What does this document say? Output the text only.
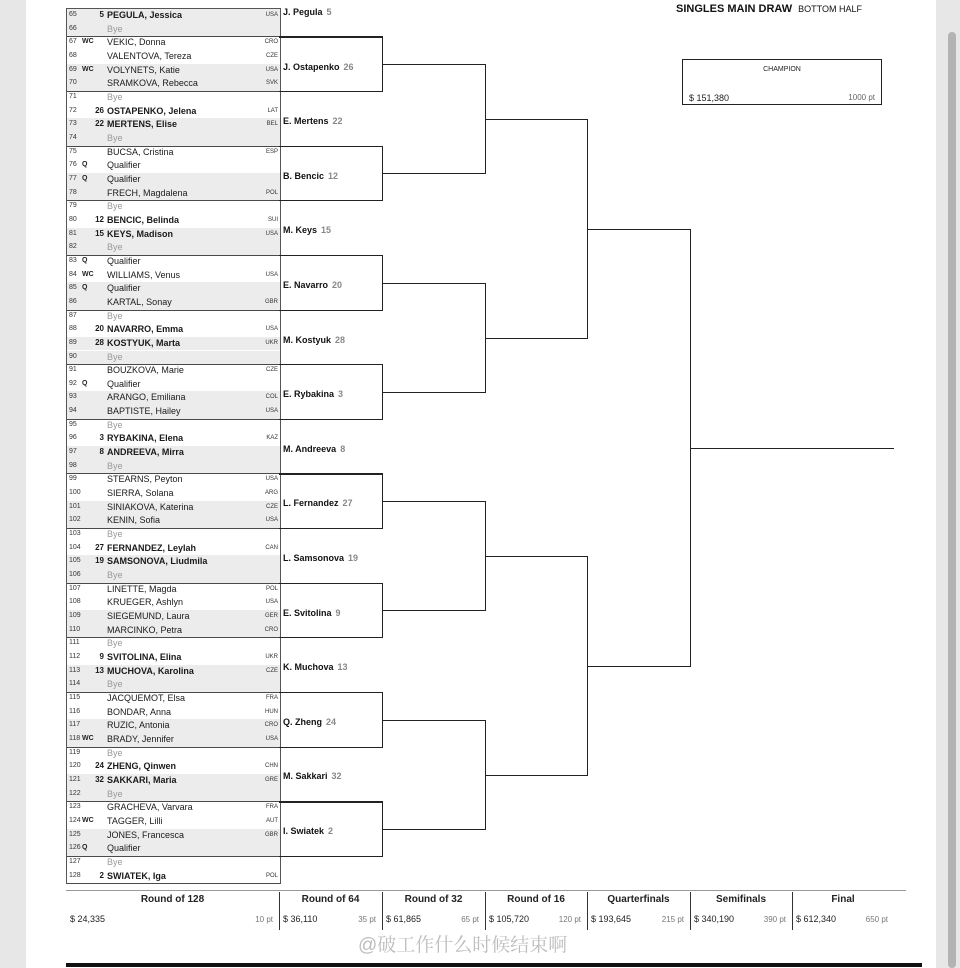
SINGLES MAIN DRAW BOTTOM HALF
CHAMPION
$ 151,380	1000 pt
65	5 PEGULA, Jessica	USA
66	Bye
67 WC VEKIC, Donna	CRO
68	VALENTOVA, Tereza	CZE
69 WC VOLYNETS, Katie	USA
70	SRAMKOVA, Rebecca	SVK
71	Bye
72	26 OSTAPENKO, Jelena	LAT
73	22 MERTENS, Elise	BEL
74	Bye
75	BUCSA, Cristina	ESP
76 Q Qualifier
77 Q Qualifier
78	FRECH, Magdalena	POL
79	Bye
80	12 BENCIC, Belinda	SUI
81	15 KEYS, Madison	USA
82	Bye
83 Q Qualifier
84 WC WILLIAMS, Venus	USA
85 Q Qualifier
86	KARTAL, Sonay	GBR
87	Bye
88	20 NAVARRO, Emma	USA
89	28 KOSTYUK, Marta	UKR
90	Bye
91	BOUZKOVA, Marie	CZE
92 Q Qualifier
93	ARANGO, Emiliana	COL
94	BAPTISTE, Hailey	USA
95	Bye
96	3 RYBAKINA, Elena	KAZ
97	8 ANDREEVA, Mirra
98	Bye
99	STEARNS, Peyton	USA
100	SIERRA, Solana	ARG
101	SINIAKOVA, Katerina	CZE
102	KENIN, Sofia	USA
103	Bye
104	27 FERNANDEZ, Leylah	CAN
105	19 SAMSONOVA, Liudmila
106	Bye
107	LINETTE, Magda	POL
108	KRUEGER, Ashlyn	USA
109	SIEGEMUND, Laura	GER
110	MARCINKO, Petra	CRO
111	Bye
112	9 SVITOLINA, Elina	UKR
113	13 MUCHOVA, Karolina	CZE
114	Bye
115	JACQUEMOT, Elsa	FRA
116	BONDAR, Anna	HUN
117	RUZIC, Antonia	CRO
118 WC BRADY, Jennifer	USA
119	Bye
120	24 ZHENG, Qinwen	CHN
121	32 SAKKARI, Maria	GRE
122	Bye
123	GRACHEVA, Varvara	FRA
124 WC TAGGER, Lilli	AUT
125	JONES, Francesca	GBR
126 Q Qualifier
127	Bye
128	2 SWIATEK, Iga	POL
J. Pegula 5
J. Ostapenko 26
E. Mertens 22
B. Bencic 12
M. Keys 15
E. Navarro 20
M. Kostyuk 28
E. Rybakina 3
M. Andreeva 8
L. Fernandez 27
L. Samsonova 19
E. Svitolina 9
K. Muchova 13
Q. Zheng 24
M. Sakkari 32
I. Swiatek 2
Round of 128
$ 24,335	10 pt
Round of 64
$ 36,110	35 pt
Round of 32
$ 61,865	65 pt
Round of 16
$ 105,720	120 pt
Quarterfinals
$ 193,645	215 pt
Semifinals
$ 340,190	390 pt
Final
$ 612,340	650 pt
@破工作什么时候结束啊
